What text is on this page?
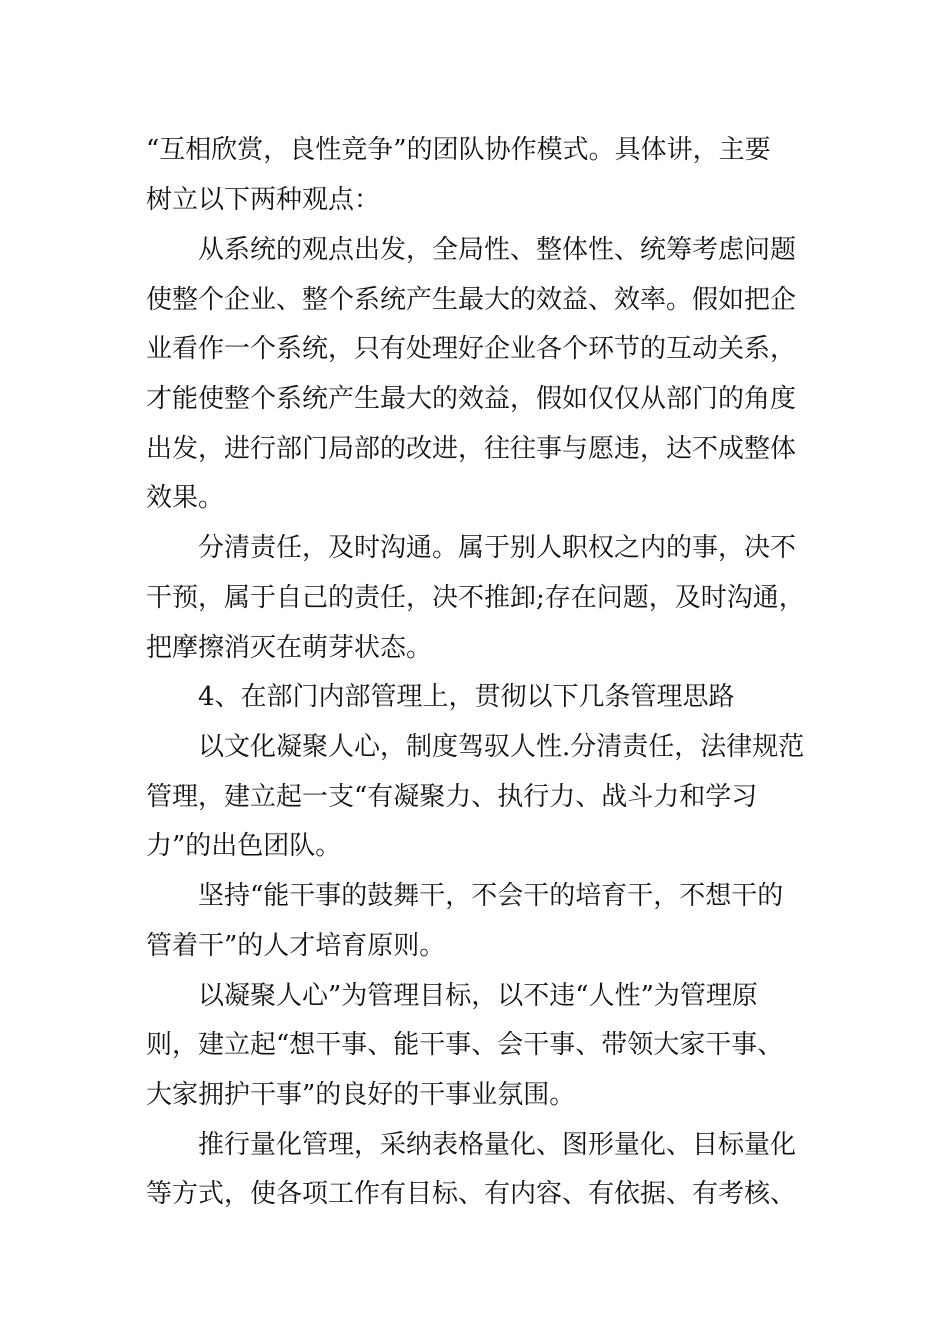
“互相欣赏，良性竞争”的团队协作模式。具体讲，主要
树立以下两种观点：
从系统的观点出发，全局性、整体性、统筹考虑问题
使整个企业、整个系统产生最大的效益、效率。假如把企
业看作一个系统，只有处理好企业各个环节的互动关系，
才能使整个系统产生最大的效益，假如仅仅从部门的角度
出发，进行部门局部的改进，往往事与愿违，达不成整体
效果。
分清责任，及时沟通。属于别人职权之内的事，决不
干预，属于自己的责任，决不推卸;存在问题，及时沟通，
把摩擦消灭在萌芽状态。
4、在部门内部管理上，贯彻以下几条管理思路
以文化凝聚人心，制度驾驭人性.分清责任，法律规范
管理，建立起一支“有凝聚力、执行力、战斗力和学习
力”的出色团队。
坚持“能干事的鼓舞干，不会干的培育干，不想干的
管着干”的人才培育原则。
以凝聚人心”为管理目标，以不违“人性”为管理原
则，建立起“想干事、能干事、会干事、带领大家干事、
大家拥护干事”的良好的干事业氛围。
推行量化管理，采纳表格量化、图形量化、目标量化
等方式，使各项工作有目标、有内容、有依据、有考核、
